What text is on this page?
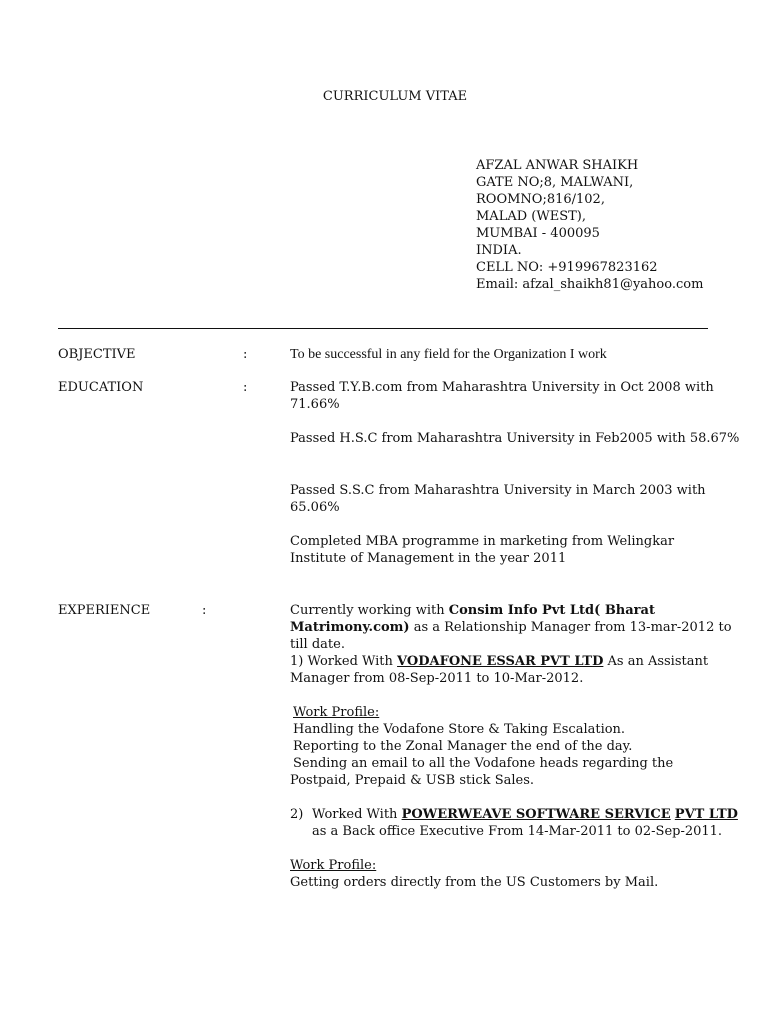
CURRICULUM VITAE
AFZAL ANWAR SHAIKH
GATE NO;8, MALWANI,
ROOMNO;816/102,
MALAD (WEST),
MUMBAI - 400095
INDIA.
CELL NO: +919967823162
Email: afzal_shaikh81@yahoo.com
OBJECTIVE	:	To be successful in any field for the Organization I work
EDUCATION	:	Passed T.Y.B.com from Maharashtra University in Oct 2008 with 71.66%

Passed H.S.C from Maharashtra University in Feb2005 with 58.67%

Passed S.S.C from Maharashtra University in March 2003 with 65.06%

Completed MBA programme in marketing from Welingkar Institute of Management in the year 2011

EXPERIENCE	:	Currently working with Consim Info Pvt Ltd( Bharat Matrimony.com) as a Relationship Manager from 13-mar-2012 to till date.

1) Worked With VODAFONE ESSAR PVT LTD As an Assistant Manager from 08-Sep-2011 to 10-Mar-2012.

Work Profile:
Handling the Vodafone Store & Taking Escalation.
Reporting to the Zonal Manager the end of the day.
Sending an email to all the Vodafone heads regarding the
Postpaid, Prepaid & USB stick Sales.
2) Worked With POWERWEAVE SOFTWARE SERVICE PVT LTD
as a Back office Executive From 14-Mar-2011 to 02-Sep-2011.
Work Profile:
Getting orders directly from the US Customers by Mail.
